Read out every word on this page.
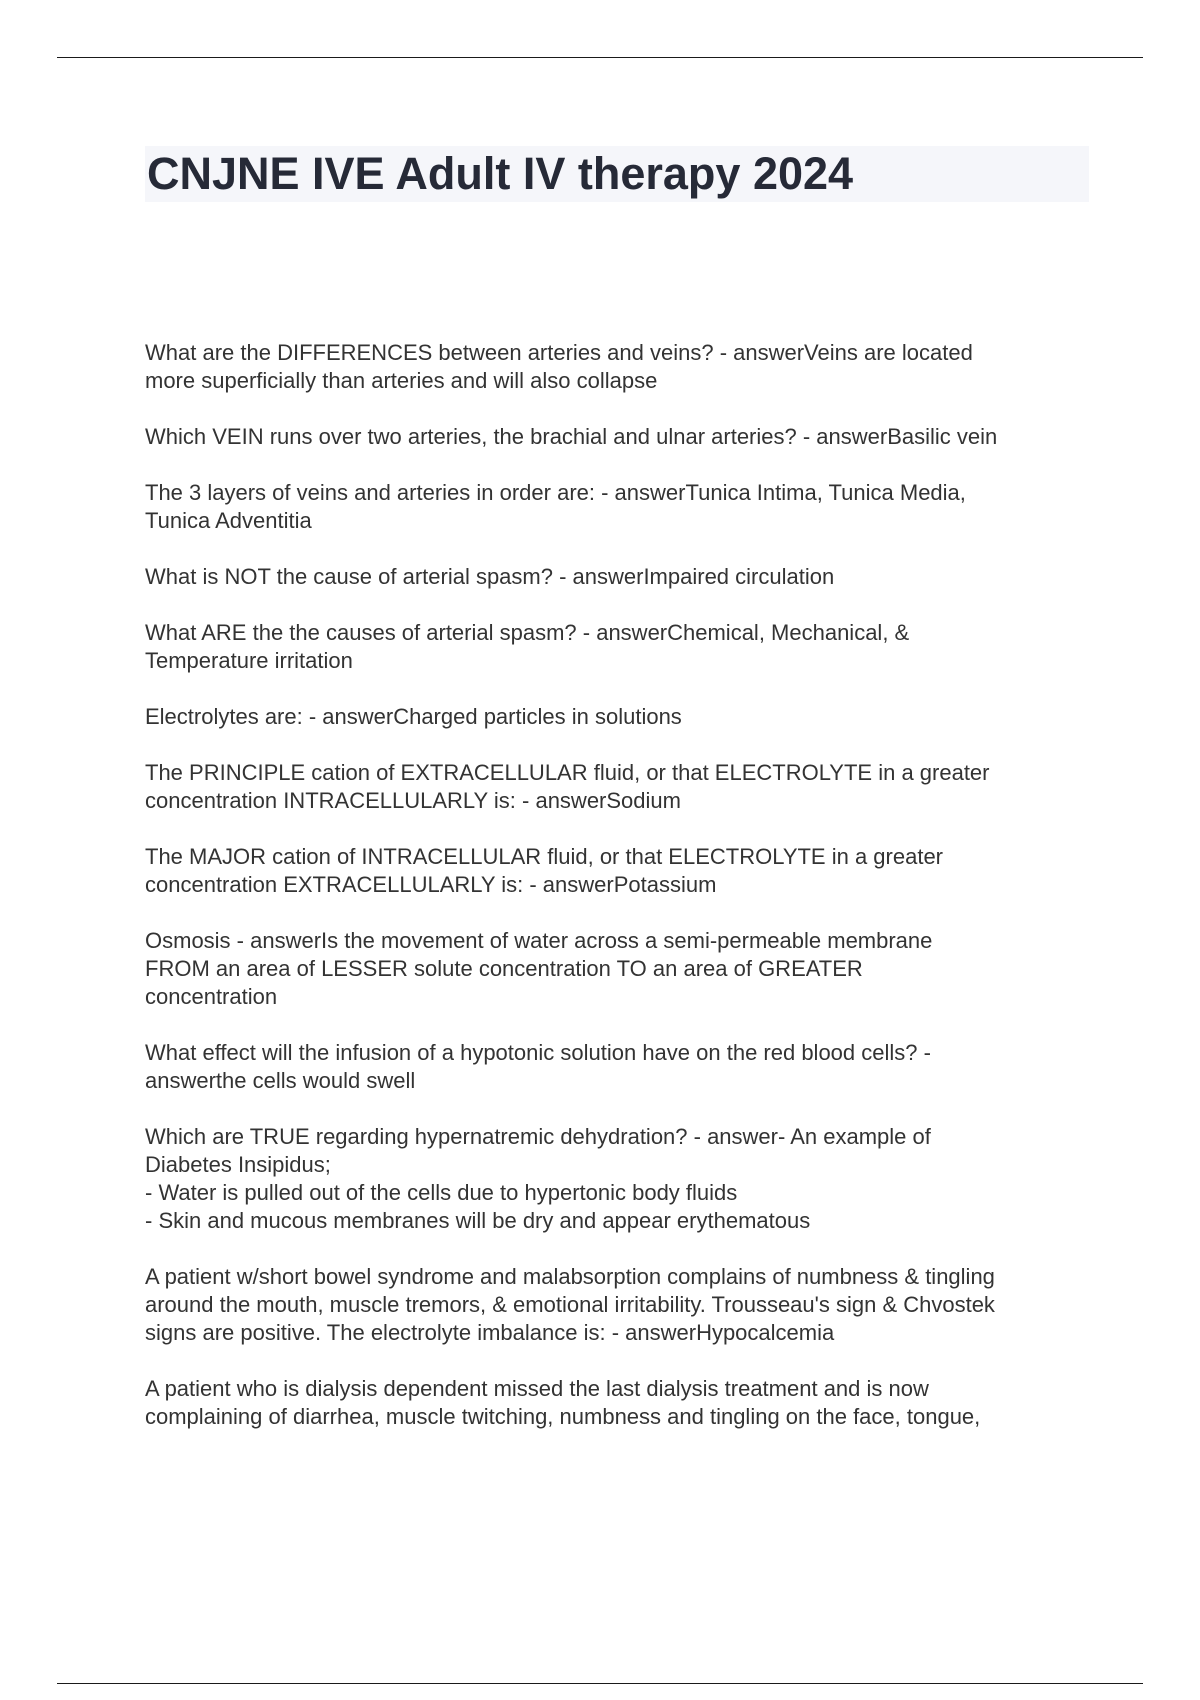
CNJNE IVE Adult IV therapy 2024
What are the DIFFERENCES between arteries and veins? - answerVeins are located
more superficially than arteries and will also collapse
Which VEIN runs over two arteries, the brachial and ulnar arteries? - answerBasilic vein
The 3 layers of veins and arteries in order are: - answerTunica Intima, Tunica Media,
Tunica Adventitia
What is NOT the cause of arterial spasm? - answerImpaired circulation
What ARE the the causes of arterial spasm? - answerChemical, Mechanical, &
Temperature irritation
Electrolytes are: - answerCharged particles in solutions
The PRINCIPLE cation of EXTRACELLULAR fluid, or that ELECTROLYTE in a greater
concentration INTRACELLULARLY is: - answerSodium
The MAJOR cation of INTRACELLULAR fluid, or that ELECTROLYTE in a greater
concentration EXTRACELLULARLY is: - answerPotassium
Osmosis - answerIs the movement of water across a semi-permeable membrane
FROM an area of LESSER solute concentration TO an area of GREATER
concentration
What effect will the infusion of a hypotonic solution have on the red blood cells? -
answerthe cells would swell
Which are TRUE regarding hypernatremic dehydration? - answer- An example of
Diabetes Insipidus;
- Water is pulled out of the cells due to hypertonic body fluids
- Skin and mucous membranes will be dry and appear erythematous
A patient w/short bowel syndrome and malabsorption complains of numbness & tingling
around the mouth, muscle tremors, & emotional irritability. Trousseau's sign & Chvostek
signs are positive. The electrolyte imbalance is: - answerHypocalcemia
A patient who is dialysis dependent missed the last dialysis treatment and is now
complaining of diarrhea, muscle twitching, numbness and tingling on the face, tongue,
